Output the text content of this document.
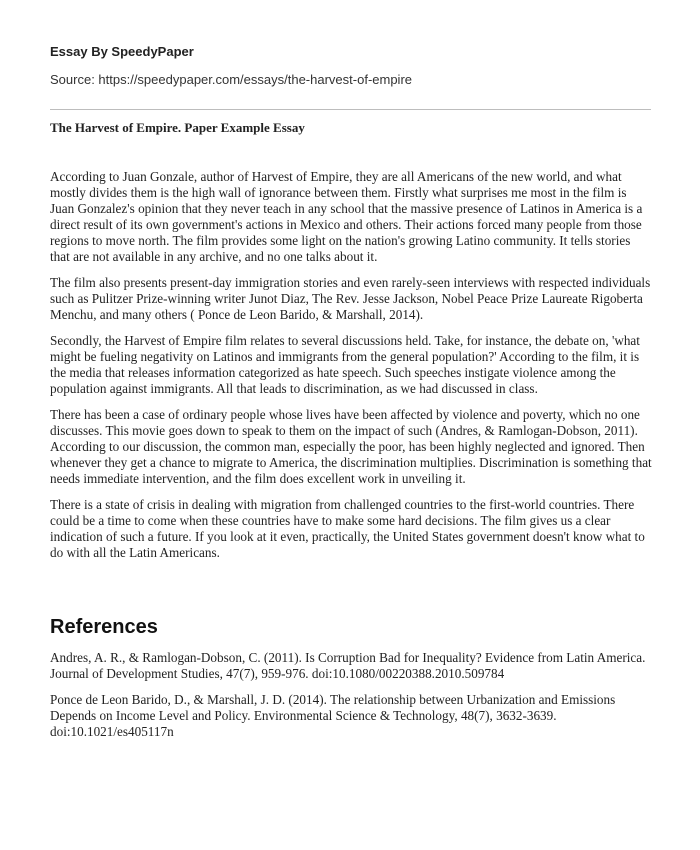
Essay By SpeedyPaper
Source: https://speedypaper.com/essays/the-harvest-of-empire
The Harvest of Empire. Paper Example Essay

According to Juan Gonzale, author of Harvest of Empire, they are all Americans of the new world, and what mostly divides them is the high wall of ignorance between them. Firstly what surprises me most in the film is Juan Gonzalez's opinion that they never teach in any school that the massive presence of Latinos in America is a direct result of its own government's actions in Mexico and others. Their actions forced many people from those regions to move north. The film provides some light on the nation's growing Latino community. It tells stories that are not available in any archive, and no one talks about it.

The film also presents present-day immigration stories and even rarely-seen interviews with respected individuals such as Pulitzer Prize-winning writer Junot Diaz, The Rev. Jesse Jackson, Nobel Peace Prize Laureate Rigoberta Menchu, and many others ( Ponce de Leon Barido, & Marshall, 2014).

Secondly, the Harvest of Empire film relates to several discussions held. Take, for instance, the debate on, 'what might be fueling negativity on Latinos and immigrants from the general population?' According to the film, it is the media that releases information categorized as hate speech. Such speeches instigate violence among the population against immigrants. All that leads to discrimination, as we had discussed in class.

There has been a case of ordinary people whose lives have been affected by violence and poverty, which no one discusses. This movie goes down to speak to them on the impact of such (Andres, & Ramlogan-Dobson, 2011). According to our discussion, the common man, especially the poor, has been highly neglected and ignored. Then whenever they get a chance to migrate to America, the discrimination multiplies. Discrimination is something that needs immediate intervention, and the film does excellent work in unveiling it.

There is a state of crisis in dealing with migration from challenged countries to the first-world countries. There could be a time to come when these countries have to make some hard decisions. The film gives us a clear indication of such a future. If you look at it even, practically, the United States government doesn't know what to do with all the Latin Americans.

References

Andres, A. R., & Ramlogan-Dobson, C. (2011). Is Corruption Bad for Inequality? Evidence from Latin America. Journal of Development Studies, 47(7), 959-976. doi:10.1080/00220388.2010.509784

Ponce de Leon Barido, D., & Marshall, J. D. (2014). The relationship between Urbanization and Emissions Depends on Income Level and Policy. Environmental Science & Technology, 48(7), 3632-3639. doi:10.1021/es405117n
